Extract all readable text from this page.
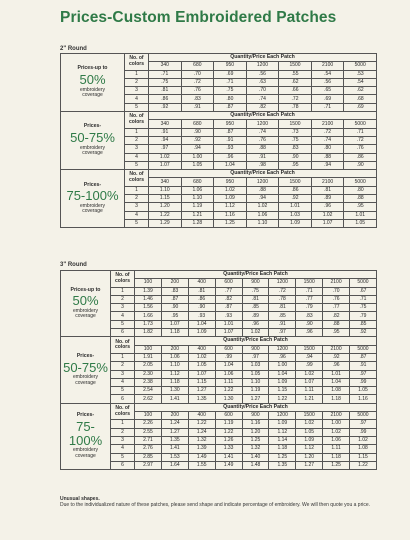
Prices-Custom Embroidered Patches
2" Round
Prices-up to
50%
embroidery
coverage	No. of colors	Quantity/Price Each Patch						
		340	680	950	1200	1500	2100	5000
	1	.71	.70	.69	.56	.55	.54	.53
	2	.75	.72	.71	.63	.62	.56	.54
	3	.81	.76	.75	.70	.66	.65	.62
	4	.86	.83	.80	.74	.72	.69	.68
	5	.92	.91	.87	.82	.78	.71	.69

Prices-
50-75%
embroidery
coverage	No. of colors	Quantity/Price Each Patch						
		340	680	950	1200	1500	2100	5000
	1	.91	.90	.87	.74	.73	.72	.71
	2	.94	.92	.91	.76	.75	.74	.72
	3	.97	.94	.93	.88	.83	.80	.76
	4	1.02	1.00	.96	.91	.90	.88	.86
	5	1.07	1.05	1.04	.98	.95	.94	.90

Prices-
75-100%
embroidery
coverage	No. of colors	Quantity/Price Each Patch						
		340	680	950	1200	1500	2100	5000
	1	1.10	1.06	1.02	.88	.86	.81	.80
	2	1.15	1.10	1.09	.94	.92	.89	.88
	3	1.20	1.19	1.12	1.02	1.01	.96	.95
	4	1.22	1.21	1.16	1.06	1.03	1.02	1.01
	5	1.29	1.28	1.25	1.10	1.09	1.07	1.05
3" Round
Prices-up to
50%
embroidery
coverage	No. of colors	Quantity/Price Each Patch								
		100	200	400	600	900	1200	1500	2100	5000
	1	1.39	.83	.81	.77	.75	.72	.71	.70	.67
	2	1.46	.87	.86	.82	.81	.78	.77	.76	.71
	3	1.56	.90	.90	.87	.85	.81	.79	.77	.75
	4	1.66	.95	.93	.93	.89	.85	.83	.82	.79
	5	1.73	1.07	1.04	1.01	.96	.91	.90	.88	.85
	6	1.82	1.18	1.09	1.07	1.02	.97	.96	.95	.92

Prices-
50-75%
embroidery
coverage	No. of colors	Quantity/Price Each Patch								
		100	200	400	600	900	1200	1500	2100	5000
	1	1.91	1.06	1.02	.99	.97	.96	.94	.92	.87
	2	2.05	1.10	1.05	1.04	1.03	1.00	.99	.96	.91
	3	2.30	1.12	1.07	1.06	1.05	1.04	1.02	1.01	.97
	4	2.38	1.18	1.15	1.11	1.10	1.09	1.07	1.04	.99
	5	2.54	1.30	1.27	1.22	1.19	1.15	1.11	1.08	1.05
	6	2.62	1.41	1.35	1.30	1.27	1.22	1.21	1.18	1.16

Prices-
75-100%
embroidery
coverage	No. of colors	Quantity/Price Each Patch								
		100	200	400	600	900	1200	1500	2100	5000
	1	2.26	1.24	1.22	1.19	1.16	1.09	1.02	1.00	.97
	2	2.55	1.27	1.24	1.22	1.20	1.12	1.05	1.02	.99
	3	2.71	1.35	1.32	1.26	1.25	1.14	1.09	1.06	1.02
	4	2.76	1.41	1.39	1.33	1.32	1.18	1.12	1.11	1.08
	5	2.85	1.53	1.49	1.41	1.40	1.25	1.20	1.18	1.15
	6	2.97	1.64	1.55	1.49	1.48	1.35	1.27	1.25	1.22
Unusual shapes.
Due to the individualized nature of these patches, please send shape and indicate percentage of embroidery. We will then quote you a price.
